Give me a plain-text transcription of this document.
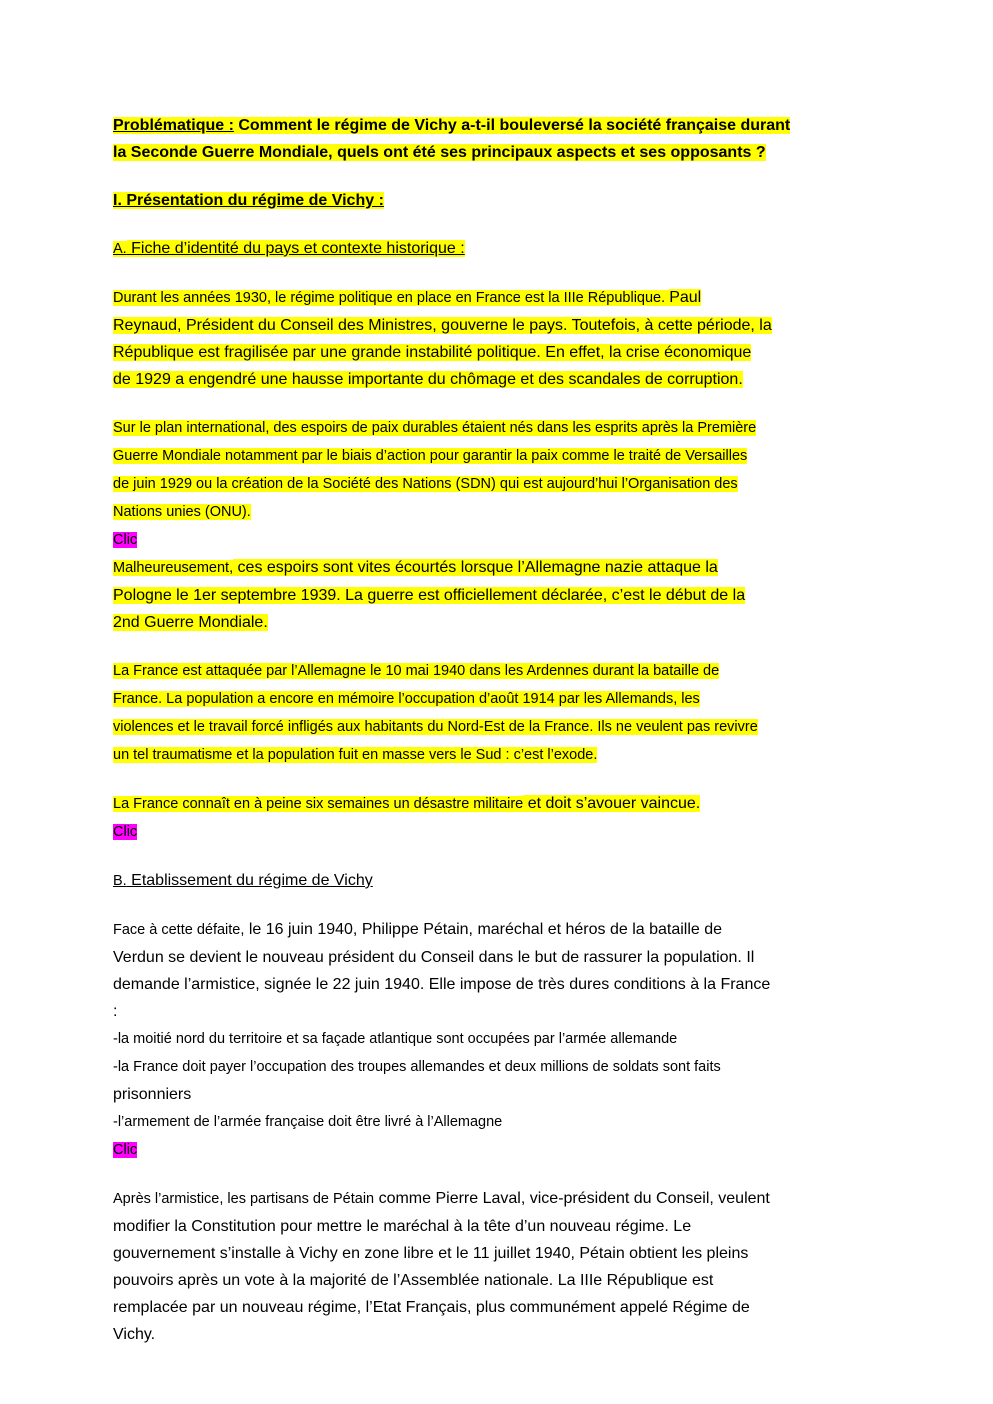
Problématique : Comment le régime de Vichy a-t-il bouleversé la société française durant
la Seconde Guerre Mondiale, quels ont été ses principaux aspects et ses opposants ?

I. Présentation du régime de Vichy :

A. Fiche d’identité du pays et contexte historique :

Durant les années 1930, le régime politique en place en France est la IIIe République. Paul
Reynaud, Président du Conseil des Ministres, gouverne le pays. Toutefois, à cette période, la
République est fragilisée par une grande instabilité politique. En effet, la crise économique
de 1929 a engendré une hausse importante du chômage et des scandales de corruption.

Sur le plan international, des espoirs de paix durables étaient nés dans les esprits après la Première
Guerre Mondiale notamment par le biais d’action pour garantir la paix comme le traité de Versailles
de juin 1929 ou la création de la Société des Nations (SDN) qui est aujourd’hui l’Organisation des
Nations unies (ONU).
Clic
Malheureusement, ces espoirs sont vites écourtés lorsque l’Allemagne nazie attaque la
Pologne le 1er septembre 1939. La guerre est officiellement déclarée, c’est le début de la
2nd Guerre Mondiale.

La France est attaquée par l’Allemagne le 10 mai 1940 dans les Ardennes durant la bataille de
France. La population a encore en mémoire l’occupation d’août 1914 par les Allemands, les
violences et le travail forcé infligés aux habitants du Nord-Est de la France. Ils ne veulent pas revivre
un tel traumatisme et la population fuit en masse vers le Sud : c’est l’exode.

La France connaît en à peine six semaines un désastre militaire et doit s’avouer vaincue.
Clic

B. Etablissement du régime de Vichy

Face à cette défaite, le 16 juin 1940, Philippe Pétain, maréchal et héros de la bataille de
Verdun se devient le nouveau président du Conseil dans le but de rassurer la population. Il
demande l’armistice, signée le 22 juin 1940. Elle impose de très dures conditions à la France
:
-la moitié nord du territoire et sa façade atlantique sont occupées par l’armée allemande
-la France doit payer l’occupation des troupes allemandes et deux millions de soldats sont faits
prisonniers
-l’armement de l’armée française doit être livré à l’Allemagne
Clic

Après l’armistice, les partisans de Pétain comme Pierre Laval, vice-président du Conseil, veulent
modifier la Constitution pour mettre le maréchal à la tête d’un nouveau régime. Le
gouvernement s’installe à Vichy en zone libre et le 11 juillet 1940, Pétain obtient les pleins
pouvoirs après un vote à la majorité de l’Assemblée nationale. La IIIe République est
remplacée par un nouveau régime, l’Etat Français, plus communément appelé Régime de
Vichy.
